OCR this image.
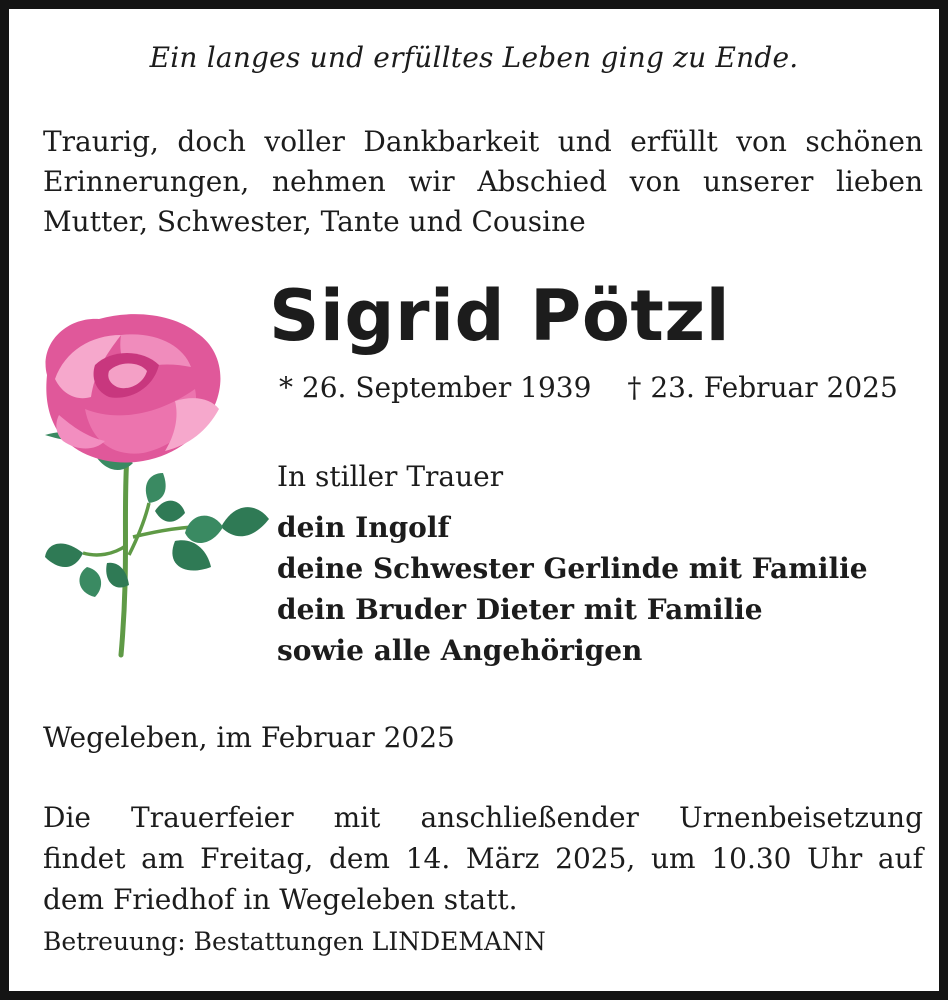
Ein langes und erfülltes Leben ging zu Ende.
Traurig, doch voller Dankbarkeit und erfüllt von schönen
Erinnerungen, nehmen wir Abschied von unserer lieben
Mutter, Schwester, Tante und Cousine
Sigrid Pötzl
* 26. September 1939 † 23. Februar 2025
In stiller Trauer
dein Ingolf
deine Schwester Gerlinde mit Familie
dein Bruder Dieter mit Familie
sowie alle Angehörigen
Wegeleben, im Februar 2025
Die Trauerfeier mit anschließender Urnenbeisetzung
findet am Freitag, dem 14. März 2025, um 10.30 Uhr auf
dem Friedhof in Wegeleben statt.
Betreuung: Bestattungen LINDEMANN
